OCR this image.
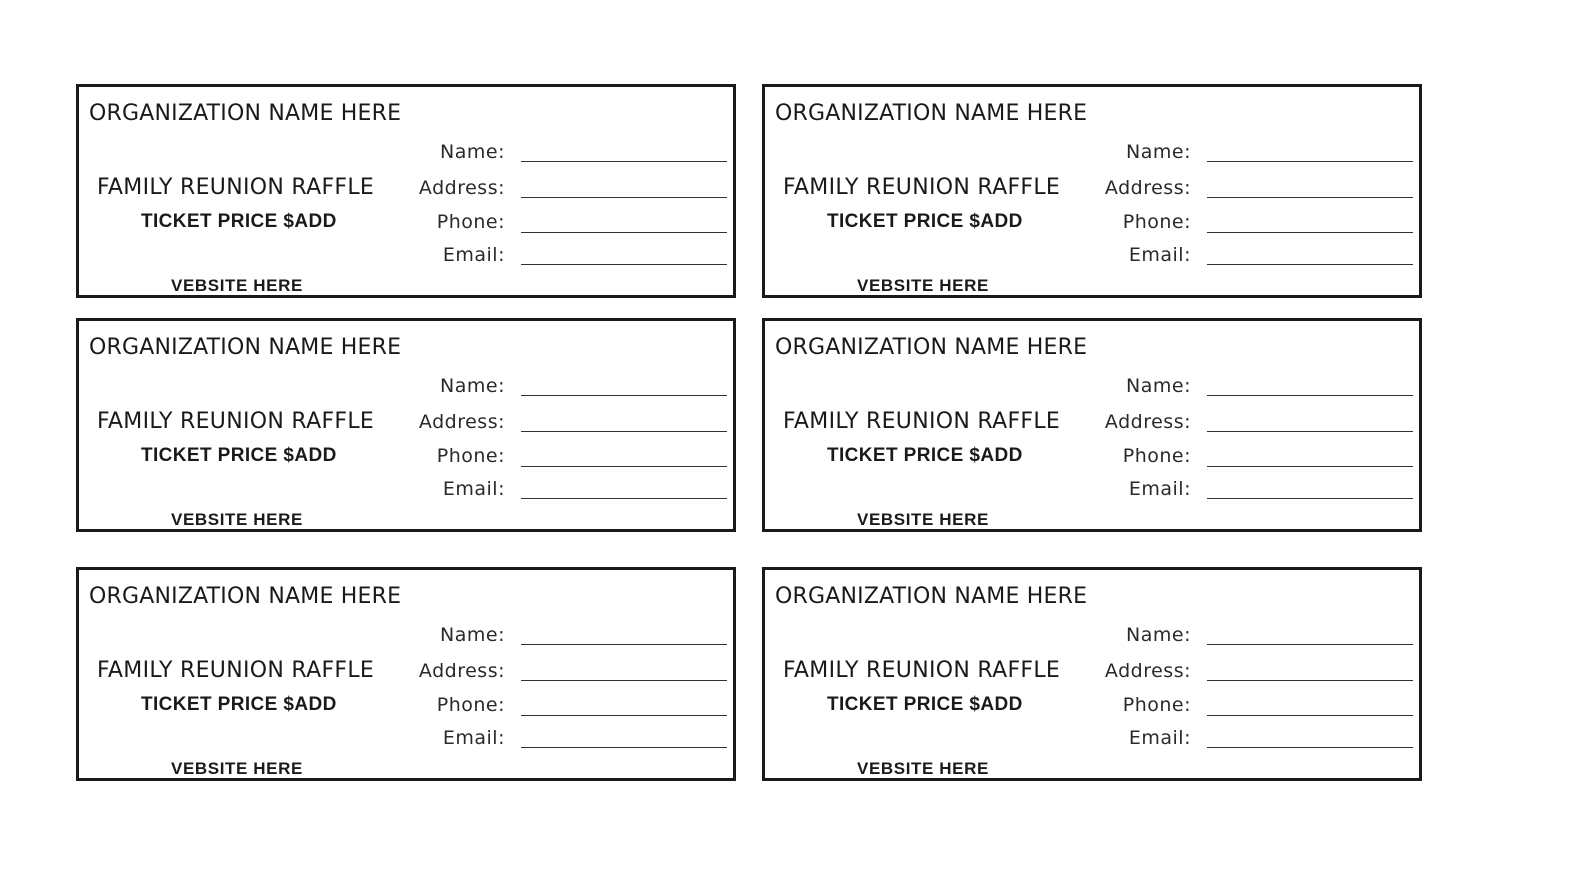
ORGANIZATION NAME HERE
Name:
FAMILY REUNION RAFFLE	Address:
TICKET PRICE $ADD	Phone:
Email:
VEBSITE HERE
ORGANIZATION NAME HERE
Name:
FAMILY REUNION RAFFLE	Address:
TICKET PRICE $ADD	Phone:
Email:
VEBSITE HERE
ORGANIZATION NAME HERE
Name:
FAMILY REUNION RAFFLE	Address:
TICKET PRICE $ADD	Phone:
Email:
VEBSITE HERE
ORGANIZATION NAME HERE
Name:
FAMILY REUNION RAFFLE	Address:
TICKET PRICE $ADD	Phone:
Email:
VEBSITE HERE
ORGANIZATION NAME HERE
Name:
FAMILY REUNION RAFFLE	Address:
TICKET PRICE $ADD	Phone:
Email:
VEBSITE HERE
ORGANIZATION NAME HERE
Name:
FAMILY REUNION RAFFLE	Address:
TICKET PRICE $ADD	Phone:
Email:
VEBSITE HERE
